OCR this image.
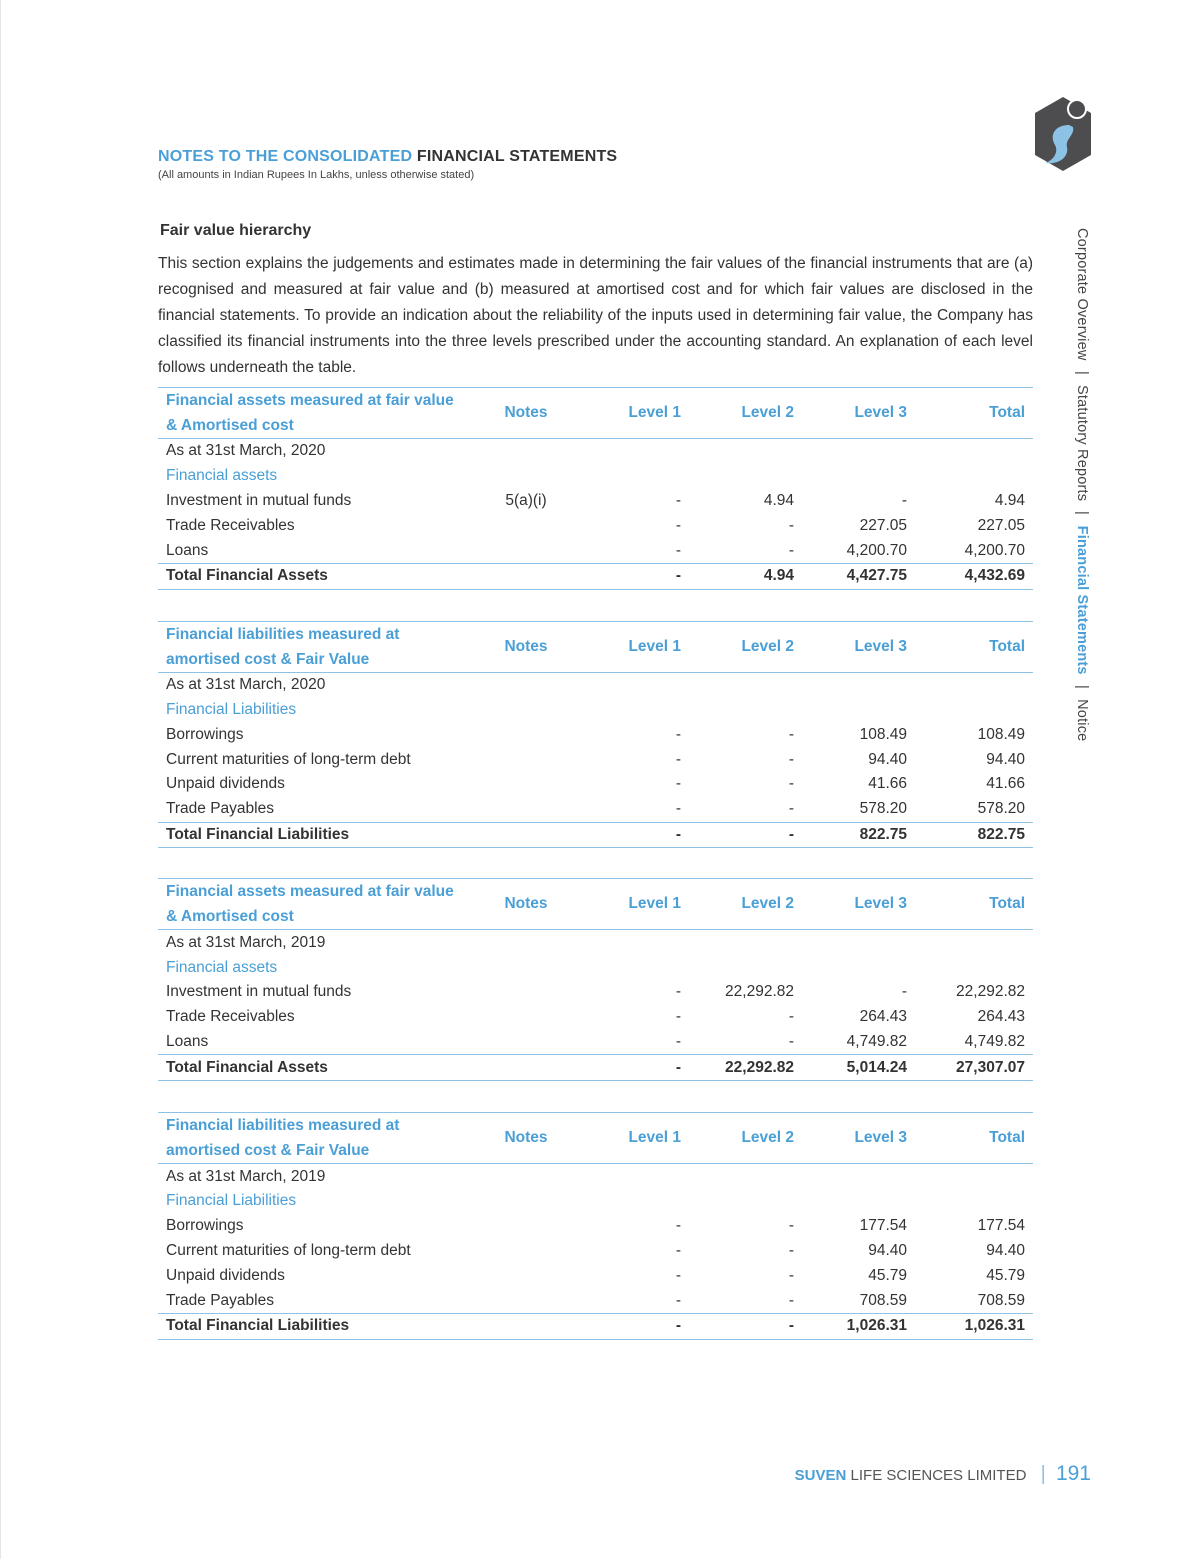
NOTES TO THE CONSOLIDATED FINANCIAL STATEMENTS
(All amounts in Indian Rupees In Lakhs, unless otherwise stated)
Corporate Overview | Statutory Reports | Financial Statements | Notice
Fair value hierarchy

This section explains the judgements and estimates made in determining the fair values of the financial instruments that are (a) recognised and measured at fair value and (b) measured at amortised cost and for which fair values are disclosed in the financial statements. To provide an indication about the reliability of the inputs used in determining fair value, the Company has classified its financial instruments into the three levels prescribed under the accounting standard. An explanation of each level follows underneath the table.

Financial assets measured at fair value & Amortised cost	Notes	Level 1	Level 2	Level 3	Total
As at 31st March, 2020					
Financial assets					
Investment in mutual funds	5(a)(i)	-	4.94	-	4.94
Trade Receivables		-	-	227.05	227.05
Loans		-	-	4,200.70	4,200.70
Total Financial Assets		-	4.94	4,427.75	4,432.69
Financial liabilities measured at amortised cost & Fair Value	Notes	Level 1	Level 2	Level 3	Total
As at 31st March, 2020					
Financial Liabilities					
Borrowings		-	-	108.49	108.49
Current maturities of long-term debt		-	-	94.40	94.40
Unpaid dividends		-	-	41.66	41.66
Trade Payables		-	-	578.20	578.20
Total Financial Liabilities		-	-	822.75	822.75
Financial assets measured at fair value & Amortised cost	Notes	Level 1	Level 2	Level 3	Total
As at 31st March, 2019					
Financial assets					
Investment in mutual funds		-	22,292.82	-	22,292.82
Trade Receivables		-	-	264.43	264.43
Loans		-	-	4,749.82	4,749.82
Total Financial Assets		-	22,292.82	5,014.24	27,307.07
Financial liabilities measured at amortised cost & Fair Value	Notes	Level 1	Level 2	Level 3	Total
As at 31st March, 2019					
Financial Liabilities					
Borrowings		-	-	177.54	177.54
Current maturities of long-term debt		-	-	94.40	94.40
Unpaid dividends		-	-	45.79	45.79
Trade Payables		-	-	708.59	708.59
Total Financial Liabilities		-	-	1,026.31	1,026.31
SUVEN LIFE SCIENCES LIMITED | 191
